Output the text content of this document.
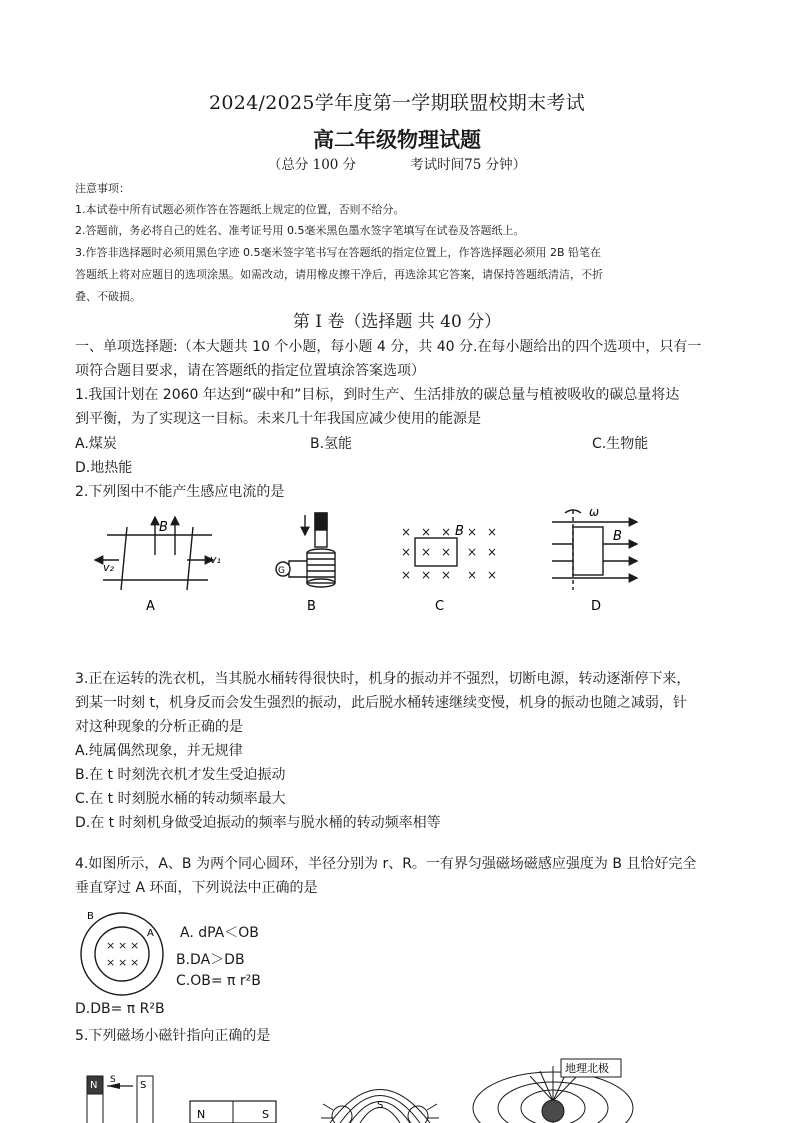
2024/2025学年度第一学期联盟校期末考试
高二年级物理试题
（总分 100 分　　　　考试时间75 分钟）
注意事项：
1.本试卷中所有试题必须作答在答题纸上规定的位置，否则不给分。
2.答题前，务必将自己的姓名、准考证号用 0.5毫米黑色墨水签字笔填写在试卷及答题纸上。
3.作答非选择题时必须用黑色字迹 0.5毫米签字笔书写在答题纸的指定位置上，作答选择题必须用 2B 铅笔在
答题纸上将对应题目的选项涂黑。如需改动，请用橡皮擦干净后，再选涂其它答案，请保持答题纸清洁，不折
叠、不破损。
第 I 卷（选择题 共 40 分）
一、单项选择题:（本大题共 10 个小题，每小题 4 分，共 40 分.在每小题给出的四个选项中，只有一
项符合题目要求，请在答题纸的指定位置填涂答案选项）
1.我国计划在 2060 年达到“碳中和”目标，到时生产、生活排放的碳总量与植被吸收的碳总量将达
到平衡，为了实现这一目标。未来几十年我国应减少使用的能源是
A.煤炭	B.氢能	C.生物能
D.地热能
2.下列图中不能产生感应电流的是
B
v₁
v₂
A
G
B
× × × × ×
× × × × ×
× × × × ×
B
C
ω
B
D
3.正在运转的洗衣机，当其脱水桶转得很快时，机身的振动并不强烈，切断电源，转动逐渐停下来，
到某一时刻 t，机身反而会发生强烈的振动，此后脱水桶转速继续变慢，机身的振动也随之减弱，针
对这种现象的分析正确的是
A.纯属偶然现象，并无规律
B.在 t 时刻洗衣机才发生受迫振动
C.在 t 时刻脱水桶的转动频率最大
D.在 t 时刻机身做受迫振动的频率与脱水桶的转动频率相等
4.如图所示，A、B 为两个同心圆环，半径分别为 r、R。一有界匀强磁场磁感应强度为 B 且恰好完全
垂直穿过 A 环面，下列说法中正确的是
× × ×
× × ×
B
A A. dPA＜OB
B.DA＞DB
C.OB= π r²B
D.DB= π R²B
5.下列磁场小磁针指向正确的是
N S S
N	S
S
地理北极
